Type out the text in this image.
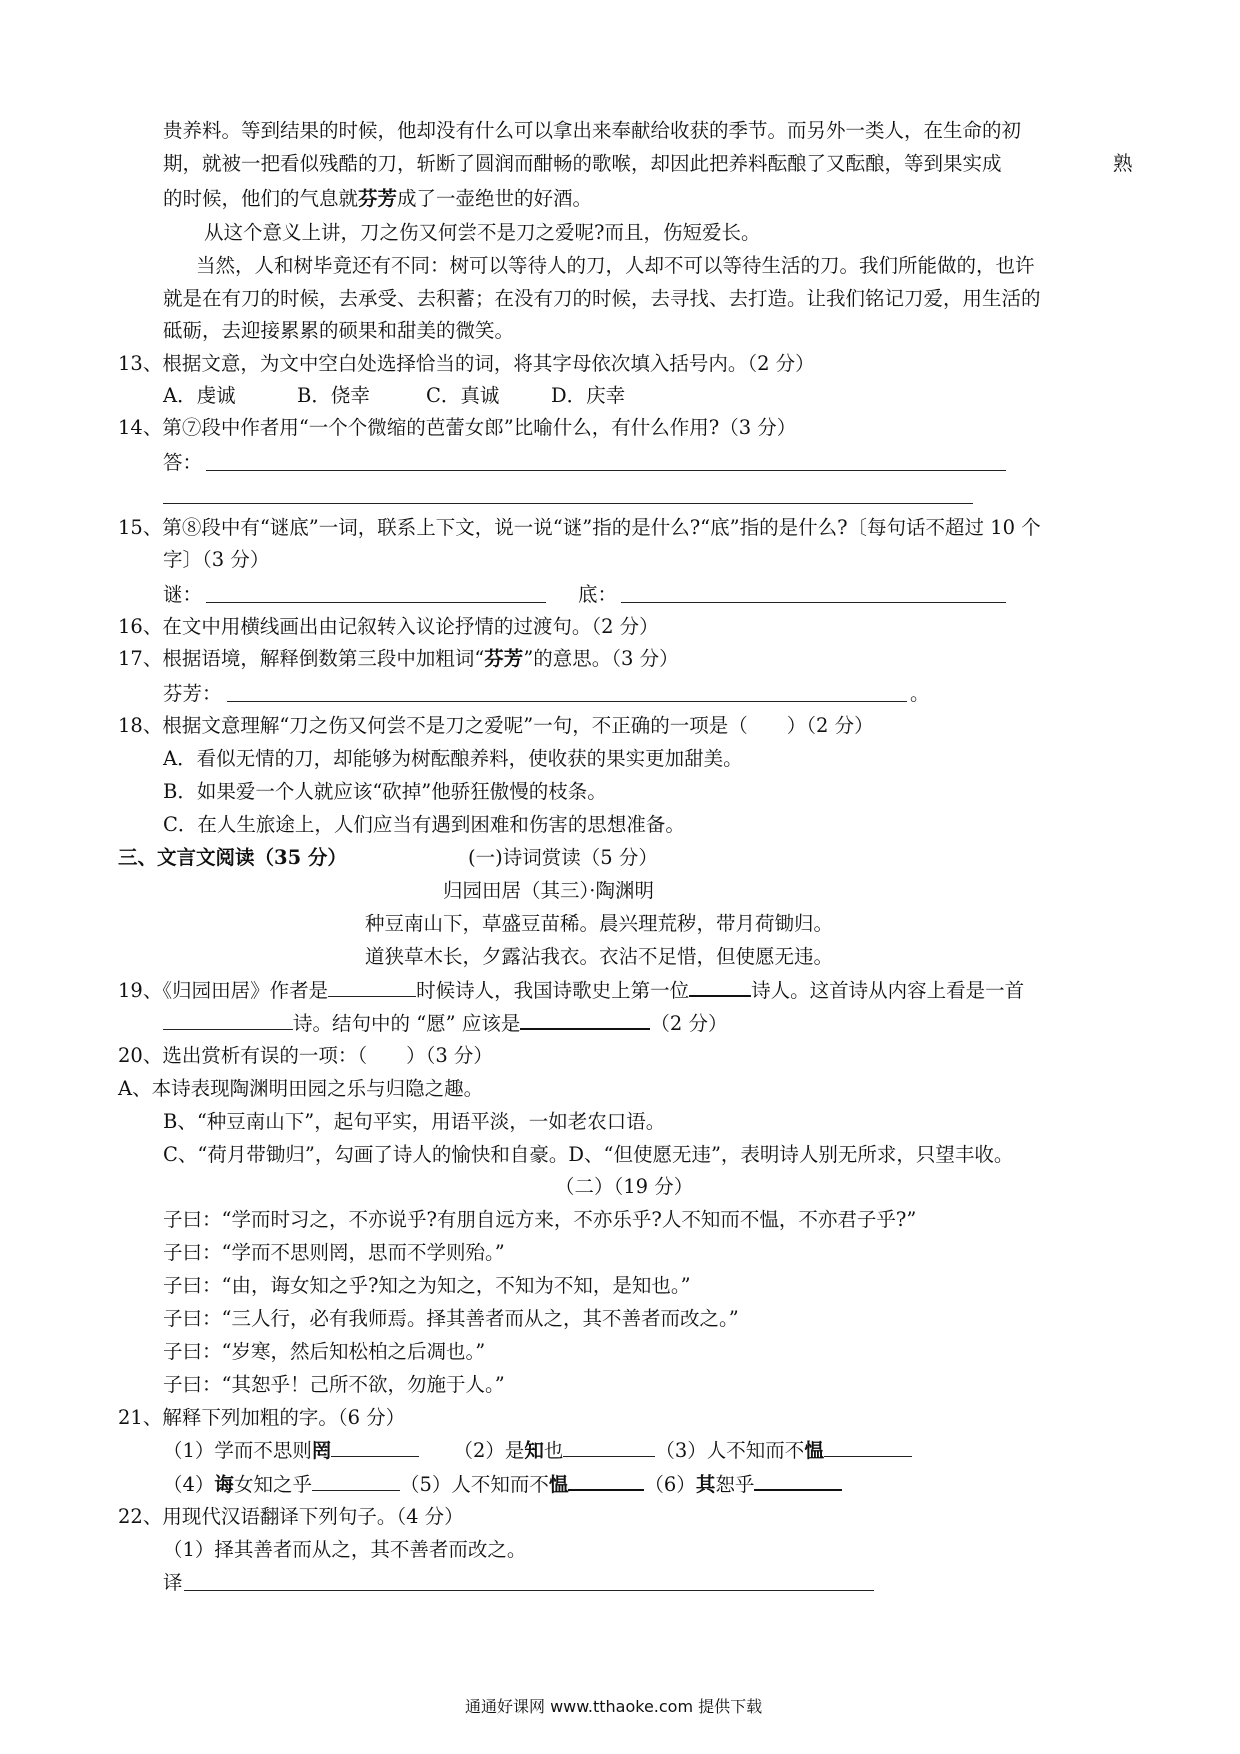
贵养料。等到结果的时候，他却没有什么可以拿出来奉献给收获的季节。而另外一类人，在生命的初
期，就被一把看似残酷的刀，斩断了圆润而酣畅的歌喉，却因此把养料酝酿了又酝酿，等到果实成	熟
的时候，他们的气息就芬芳成了一壶绝世的好酒。
从这个意义上讲，刀之伤又何尝不是刀之爱呢?而且，伤短爱长。
当然，人和树毕竟还有不同：树可以等待人的刀，人却不可以等待生活的刀。我们所能做的，也许
就是在有刀的时候，去承受、去积蓄；在没有刀的时候，去寻找、去打造。让我们铭记刀爱，用生活的
砥砺，去迎接累累的硕果和甜美的微笑。
13、根据文意，为文中空白处选择恰当的词，将其字母依次填入括号内。（2 分）
A．虔诚	B．侥幸	C．真诚	D．庆幸
14、第⑦段中作者用“一个个微缩的芭蕾女郎”比喻什么，有什么作用?（3 分）
答：
15、第⑧段中有“谜底”一词，联系上下文，说一说“谜”指的是什么?“底”指的是什么?〔每句话不超过 10 个
字〕（3 分）
谜：	底：
16、在文中用横线画出由记叙转入议论抒情的过渡句。（2 分）
17、根据语境，解释倒数第三段中加粗词“芬芳”的意思。（3 分）
芬芳：	。
18、根据文意理解“刀之伤又何尝不是刀之爱呢”一句，不正确的一项是（　　）（2 分）
A．看似无情的刀，却能够为树酝酿养料，使收获的果实更加甜美。
B．如果爱一个人就应该“砍掉”他骄狂傲慢的枝条。
C．在人生旅途上，人们应当有遇到困难和伤害的思想准备。
三、文言文阅读（35 分）	(一)诗词赏读（5 分）
归园田居（其三）·陶渊明
种豆南山下，草盛豆苗稀。晨兴理荒秽，带月荷锄归。
道狭草木长，夕露沾我衣。衣沾不足惜，但使愿无违。
19、《归园田居》作者是	时候诗人，我国诗歌史上第一位	诗人。这首诗从内容上看是一首
诗。结句中的 “愿” 应该是	（2 分）
20、选出赏析有误的一项：（　　）（3 分）
A、本诗表现陶渊明田园之乐与归隐之趣。
B、“种豆南山下”，起句平实，用语平淡，一如老农口语。
C、“荷月带锄归”，勾画了诗人的愉快和自豪。D、“但使愿无违”，表明诗人别无所求，只望丰收。
（二）（19 分）
子曰：“学而时习之，不亦说乎?有朋自远方来，不亦乐乎?人不知而不愠，不亦君子乎?”
子曰：“学而不思则罔，思而不学则殆。”
子曰：“由，诲女知之乎?知之为知之，不知为不知，是知也。”
子曰：“三人行，必有我师焉。择其善者而从之，其不善者而改之。”
子曰：“岁寒，然后知松柏之后凋也。”
子曰：“其恕乎！己所不欲，勿施于人。”
21、解释下列加粗的字。（6 分）
（1）学而不思则罔	（2）是知也	（3）人不知而不愠
（4）诲女知之乎	（5）人不知而不愠	（6）其恕乎
22、用现代汉语翻译下列句子。（4 分）
（1）择其善者而从之，其不善者而改之。
译
通通好课网 www.tthaoke.com 提供下载
